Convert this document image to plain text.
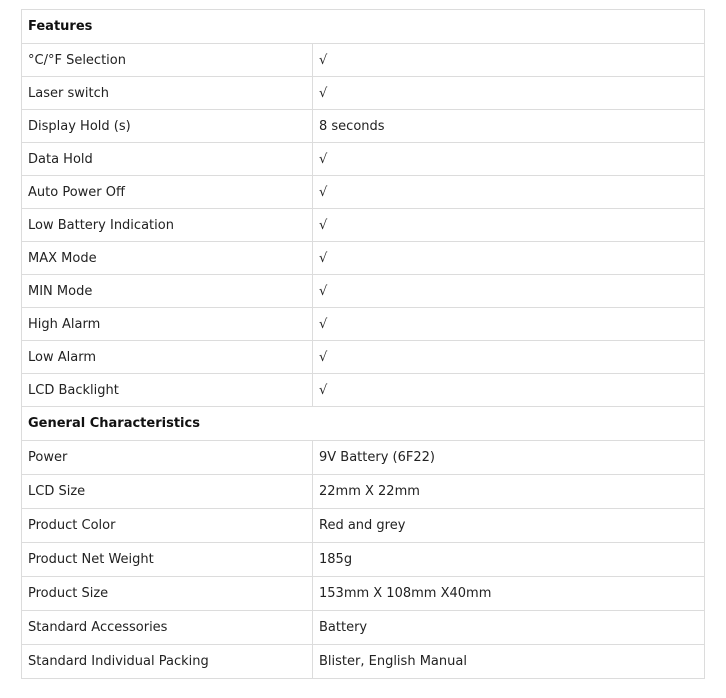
Features	
°C/°F Selection	√
Laser switch	√
Display Hold (s)	8 seconds
Data Hold	√
Auto Power Off	√
Low Battery Indication	√
MAX Mode	√
MIN Mode	√
High Alarm	√
Low Alarm	√
LCD Backlight	√
General Characteristics	
Power	9V Battery (6F22)
LCD Size	22mm X 22mm
Product Color	Red and grey
Product Net Weight	185g
Product Size	153mm X 108mm X40mm
Standard Accessories	Battery
Standard Individual Packing	Blister, English Manual
